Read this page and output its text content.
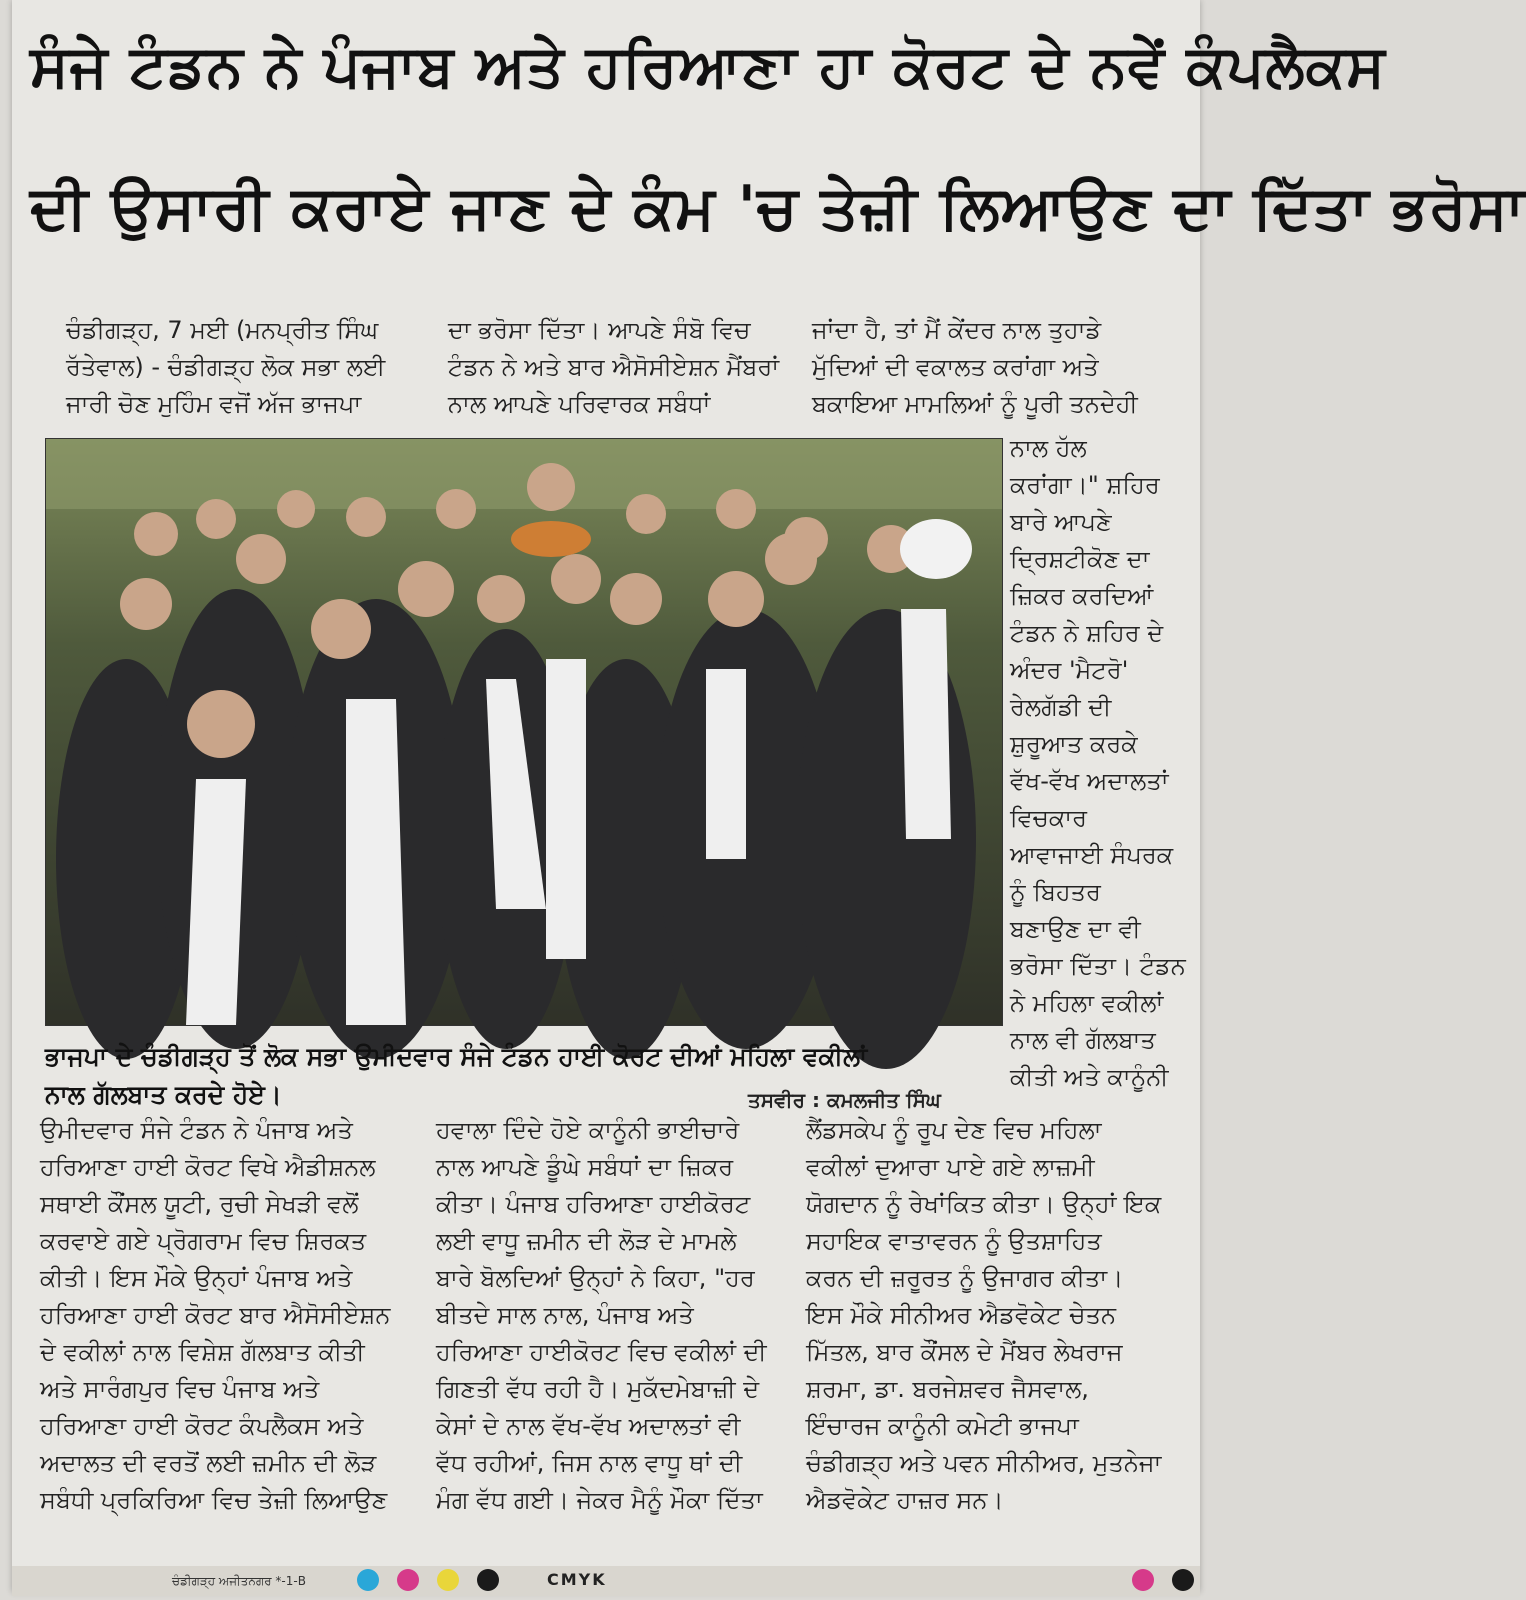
ਸੰਜੇ ਟੰਡਨ ਨੇ ਪੰਜਾਬ ਅਤੇ ਹਰਿਆਣਾ ਹਾ ਕੋਰਟ ਦੇ ਨਵੇਂ ਕੰਪਲੈਕਸ
ਦੀ ਉਸਾਰੀ ਕਰਾਏ ਜਾਣ ਦੇ ਕੰਮ 'ਚ ਤੇਜ਼ੀ ਲਿਆਉਣ ਦਾ ਦਿੱਤਾ ਭਰੋਸਾ
ਚੰਡੀਗੜ੍ਹ, 7 ਮਈ (ਮਨਪ੍ਰੀਤ ਸਿੰਘ
ਰੱਤੇਵਾਲ) - ਚੰਡੀਗੜ੍ਹ ਲੋਕ ਸਭਾ ਲਈ
ਜਾਰੀ ਚੋਣ ਮੁਹਿੰਮ ਵਜੋਂ ਅੱਜ ਭਾਜਪਾ
ਦਾ ਭਰੋਸਾ ਦਿੱਤਾ। ਆਪਣੇ ਸੰਬੋ ਵਿਚ
ਟੰਡਨ ਨੇ ਅਤੇ ਬਾਰ ਐਸੋਸੀਏਸ਼ਨ ਮੈਂਬਰਾਂ
ਨਾਲ ਆਪਣੇ ਪਰਿਵਾਰਕ ਸਬੰਧਾਂ
ਜਾਂਦਾ ਹੈ, ਤਾਂ ਮੈਂ ਕੇਂਦਰ ਨਾਲ ਤੁਹਾਡੇ
ਮੁੱਦਿਆਂ ਦੀ ਵਕਾਲਤ ਕਰਾਂਗਾ ਅਤੇ
ਬਕਾਇਆ ਮਾਮਲਿਆਂ ਨੂੰ ਪੂਰੀ ਤਨਦੇਹੀ
ਨਾਲ ਹੱਲ
ਕਰਾਂਗਾ।" ਸ਼ਹਿਰ
ਬਾਰੇ ਆਪਣੇ
ਦ੍ਰਿਸ਼ਟੀਕੋਣ ਦਾ
ਜ਼ਿਕਰ ਕਰਦਿਆਂ
ਟੰਡਨ ਨੇ ਸ਼ਹਿਰ ਦੇ
ਅੰਦਰ 'ਮੈਟਰੋ'
ਰੇਲਗੱਡੀ ਦੀ
ਸ਼ੁਰੂਆਤ ਕਰਕੇ
ਵੱਖ-ਵੱਖ ਅਦਾਲਤਾਂ
ਵਿਚਕਾਰ
ਆਵਾਜਾਈ ਸੰਪਰਕ
ਨੂੰ ਬਿਹਤਰ
ਬਣਾਉਣ ਦਾ ਵੀ
ਭਰੋਸਾ ਦਿੱਤਾ। ਟੰਡਨ
ਨੇ ਮਹਿਲਾ ਵਕੀਲਾਂ
ਨਾਲ ਵੀ ਗੱਲਬਾਤ
ਕੀਤੀ ਅਤੇ ਕਾਨੂੰਨੀ
ਭਾਜਪਾ ਦੇ ਚੰਡੀਗੜ੍ਹ ਤੋਂ ਲੋਕ ਸਭਾ ਉਮੀਦਵਾਰ ਸੰਜੇ ਟੰਡਨ ਹਾਈ ਕੋਰਟ ਦੀਆਂ ਮਹਿਲਾ ਵਕੀਲਾਂ
ਨਾਲ ਗੱਲਬਾਤ ਕਰਦੇ ਹੋਏ।	ਤਸਵੀਰ : ਕਮਲਜੀਤ ਸਿੰਘ
ਉਮੀਦਵਾਰ ਸੰਜੇ ਟੰਡਨ ਨੇ ਪੰਜਾਬ ਅਤੇ
ਹਰਿਆਣਾ ਹਾਈ ਕੋਰਟ ਵਿਖੇ ਐਡੀਸ਼ਨਲ
ਸਥਾਈ ਕੌਂਸਲ ਯੂਟੀ, ਰੁਚੀ ਸੇਖੜੀ ਵਲੋਂ
ਕਰਵਾਏ ਗਏ ਪ੍ਰੋਗਰਾਮ ਵਿਚ ਸ਼ਿਰਕਤ
ਕੀਤੀ। ਇਸ ਮੌਕੇ ਉਨ੍ਹਾਂ ਪੰਜਾਬ ਅਤੇ
ਹਰਿਆਣਾ ਹਾਈ ਕੋਰਟ ਬਾਰ ਐਸੋਸੀਏਸ਼ਨ
ਦੇ ਵਕੀਲਾਂ ਨਾਲ ਵਿਸ਼ੇਸ਼ ਗੱਲਬਾਤ ਕੀਤੀ
ਅਤੇ ਸਾਰੰਗਪੁਰ ਵਿਚ ਪੰਜਾਬ ਅਤੇ
ਹਰਿਆਣਾ ਹਾਈ ਕੋਰਟ ਕੰਪਲੈਕਸ ਅਤੇ
ਅਦਾਲਤ ਦੀ ਵਰਤੋਂ ਲਈ ਜ਼ਮੀਨ ਦੀ ਲੋੜ
ਸਬੰਧੀ ਪ੍ਰਕਿਰਿਆ ਵਿਚ ਤੇਜ਼ੀ ਲਿਆਉਣ
ਹਵਾਲਾ ਦਿੰਦੇ ਹੋਏ ਕਾਨੂੰਨੀ ਭਾਈਚਾਰੇ
ਨਾਲ ਆਪਣੇ ਡੂੰਘੇ ਸਬੰਧਾਂ ਦਾ ਜ਼ਿਕਰ
ਕੀਤਾ। ਪੰਜਾਬ ਹਰਿਆਣਾ ਹਾਈਕੋਰਟ
ਲਈ ਵਾਧੂ ਜ਼ਮੀਨ ਦੀ ਲੋੜ ਦੇ ਮਾਮਲੇ
ਬਾਰੇ ਬੋਲਦਿਆਂ ਉਨ੍ਹਾਂ ਨੇ ਕਿਹਾ, "ਹਰ
ਬੀਤਦੇ ਸਾਲ ਨਾਲ, ਪੰਜਾਬ ਅਤੇ
ਹਰਿਆਣਾ ਹਾਈਕੋਰਟ ਵਿਚ ਵਕੀਲਾਂ ਦੀ
ਗਿਣਤੀ ਵੱਧ ਰਹੀ ਹੈ। ਮੁਕੱਦਮੇਬਾਜ਼ੀ ਦੇ
ਕੇਸਾਂ ਦੇ ਨਾਲ ਵੱਖ-ਵੱਖ ਅਦਾਲਤਾਂ ਵੀ
ਵੱਧ ਰਹੀਆਂ, ਜਿਸ ਨਾਲ ਵਾਧੂ ਥਾਂ ਦੀ
ਮੰਗ ਵੱਧ ਗਈ। ਜੇਕਰ ਮੈਨੂੰ ਮੌਕਾ ਦਿੱਤਾ
ਲੈਂਡਸਕੇਪ ਨੂੰ ਰੂਪ ਦੇਣ ਵਿਚ ਮਹਿਲਾ
ਵਕੀਲਾਂ ਦੁਆਰਾ ਪਾਏ ਗਏ ਲਾਜ਼ਮੀ
ਯੋਗਦਾਨ ਨੂੰ ਰੇਖਾਂਕਿਤ ਕੀਤਾ। ਉਨ੍ਹਾਂ ਇਕ
ਸਹਾਇਕ ਵਾਤਾਵਰਨ ਨੂੰ ਉਤਸ਼ਾਹਿਤ
ਕਰਨ ਦੀ ਜ਼ਰੂਰਤ ਨੂੰ ਉਜਾਗਰ ਕੀਤਾ।
ਇਸ ਮੌਕੇ ਸੀਨੀਅਰ ਐਡਵੋਕੇਟ ਚੇਤਨ
ਮਿੱਤਲ, ਬਾਰ ਕੌਂਸਲ ਦੇ ਮੈਂਬਰ ਲੇਖਰਾਜ
ਸ਼ਰਮਾ, ਡਾ. ਬਰਜੇਸ਼ਵਰ ਜੈਸਵਾਲ,
ਇੰਚਾਰਜ ਕਾਨੂੰਨੀ ਕਮੇਟੀ ਭਾਜਪਾ
ਚੰਡੀਗੜ੍ਹ ਅਤੇ ਪਵਨ ਸੀਨੀਅਰ, ਮੁਤਨੇਜਾ
ਐਡਵੋਕੇਟ ਹਾਜ਼ਰ ਸਨ।
ਚੰਡੀਗੜ੍ਹ ਅਜੀਤਨਗਰ *-1-B	CMYK
